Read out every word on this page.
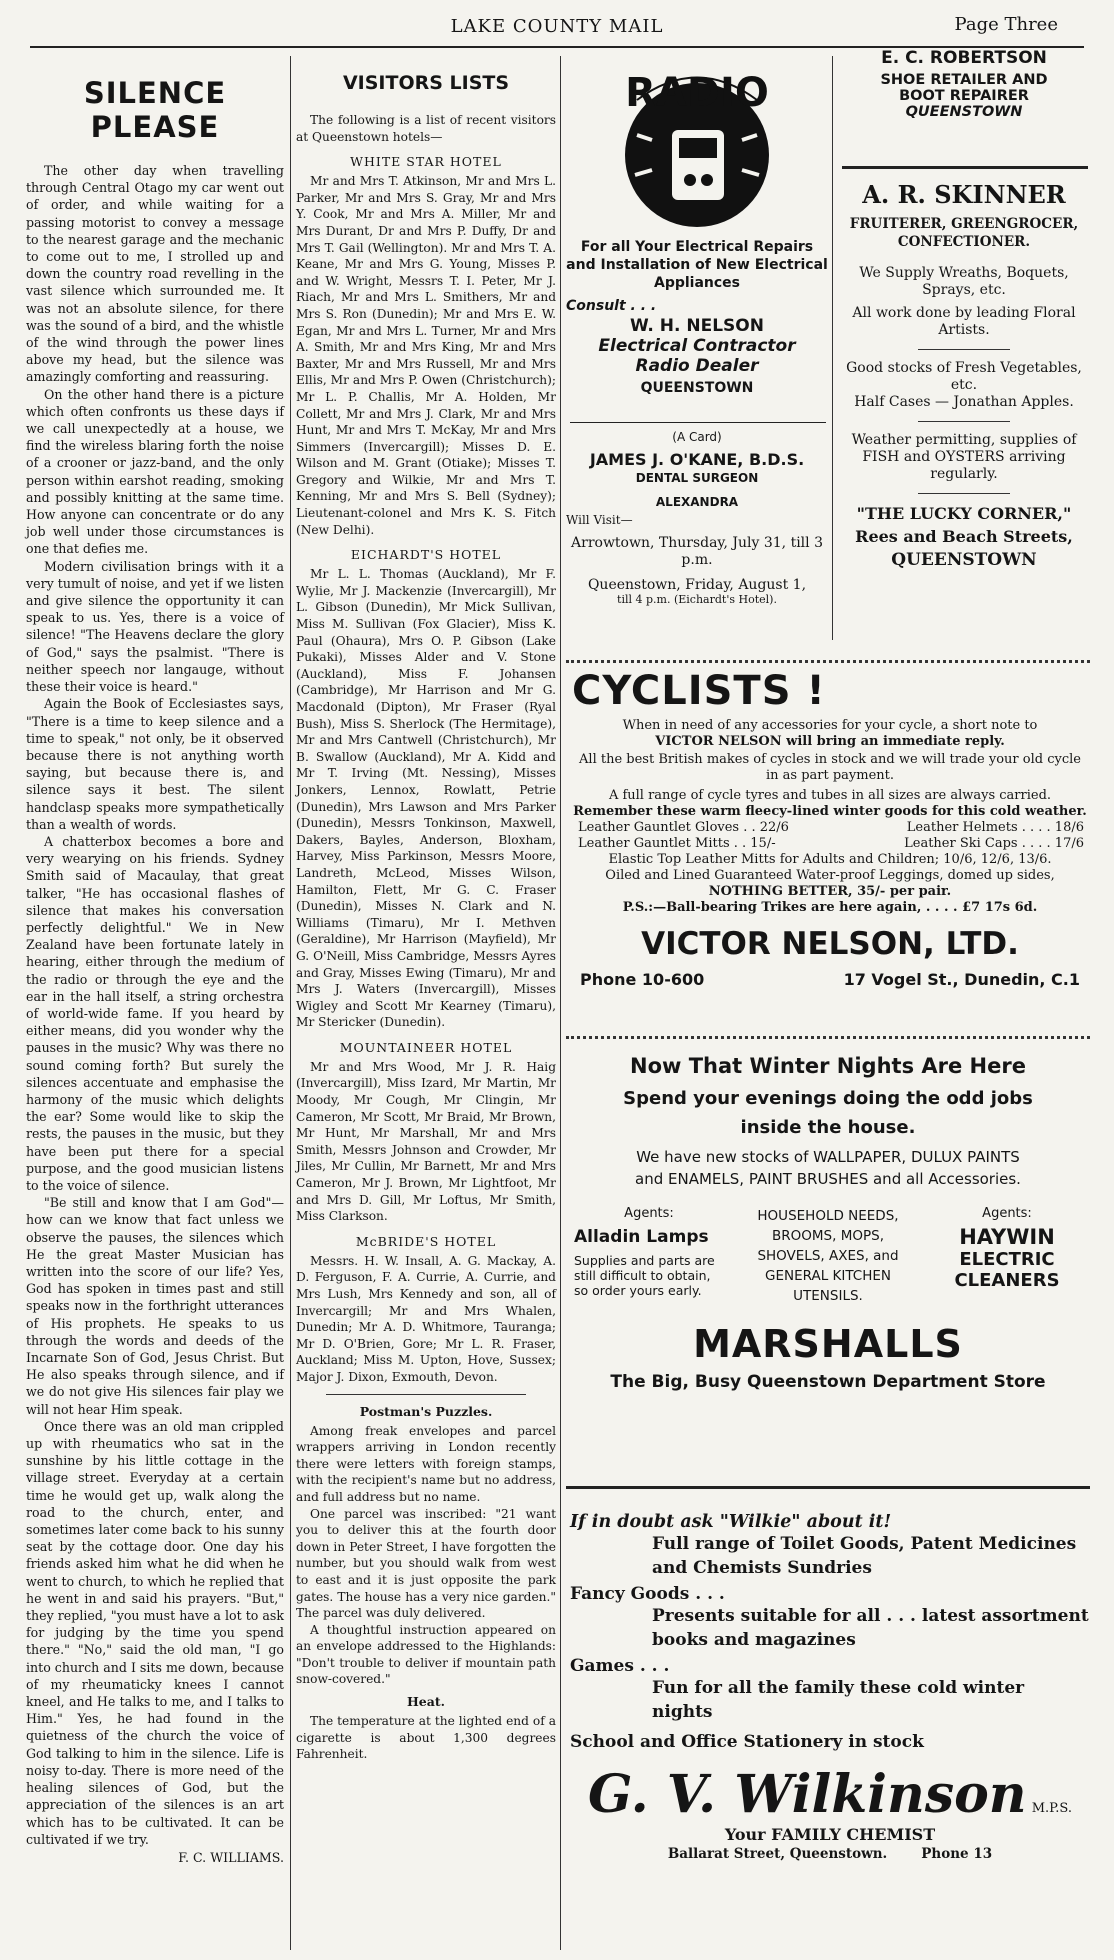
LAKE COUNTY MAIL	Page Three
SILENCE PLEASE

The other day when travelling through Central Otago my car went out of order, and while waiting for a passing motorist to convey a message to the nearest garage and the mechanic to come out to me, I strolled up and down the country road revelling in the vast silence which surrounded me. It was not an absolute silence, for there was the sound of a bird, and the whistle of the wind through the power lines above my head, but the silence was amazingly comforting and reassuring.

On the other hand there is a picture which often confronts us these days if we call unexpectedly at a house, we find the wireless blaring forth the noise of a crooner or jazz-band, and the only person within earshot reading, smoking and possibly knitting at the same time. How anyone can concentrate or do any job well under those circumstances is one that defies me.

Modern civilisation brings with it a very tumult of noise, and yet if we listen and give silence the opportunity it can speak to us. Yes, there is a voice of silence! "The Heavens declare the glory of God," says the psalmist. "There is neither speech nor langauge, without these their voice is heard."

Again the Book of Ecclesiastes says, "There is a time to keep silence and a time to speak," not only, be it observed because there is not anything worth saying, but because there is, and silence says it best. The silent handclasp speaks more sympathetically than a wealth of words.

A chatterbox becomes a bore and very wearying on his friends. Sydney Smith said of Macaulay, that great talker, "He has occasional flashes of silence that makes his conversation perfectly delightful." We in New Zealand have been fortunate lately in hearing, either through the medium of the radio or through the eye and the ear in the hall itself, a string orchestra of world-wide fame. If you heard by either means, did you wonder why the pauses in the music? Why was there no sound coming forth? But surely the silences accentuate and emphasise the harmony of the music which delights the ear? Some would like to skip the rests, the pauses in the music, but they have been put there for a special purpose, and the good musician listens to the voice of silence.

"Be still and know that I am God"—how can we know that fact unless we observe the pauses, the silences which He the great Master Musician has written into the score of our life? Yes, God has spoken in times past and still speaks now in the forthright utterances of His prophets. He speaks to us through the words and deeds of the Incarnate Son of God, Jesus Christ. But He also speaks through silence, and if we do not give His silences fair play we will not hear Him speak.

Once there was an old man crippled up with rheumatics who sat in the sunshine by his little cottage in the village street. Everyday at a certain time he would get up, walk along the road to the church, enter, and sometimes later come back to his sunny seat by the cottage door. One day his friends asked him what he did when he went to church, to which he replied that he went in and said his prayers. "But," they replied, "you must have a lot to ask for judging by the time you spend there." "No," said the old man, "I go into church and I sits me down, because of my rheumaticky knees I cannot kneel, and He talks to me, and I talks to Him." Yes, he had found in the quietness of the church the voice of God talking to him in the silence. Life is noisy to-day. There is more need of the healing silences of God, but the appreciation of the silences is an art which has to be cultivated. It can be cultivated if we try.

F. C. WILLIAMS.
VISITORS LISTS

The following is a list of recent visitors at Queenstown hotels—

WHITE STAR HOTEL

Mr and Mrs T. Atkinson, Mr and Mrs L. Parker, Mr and Mrs S. Gray, Mr and Mrs Y. Cook, Mr and Mrs A. Miller, Mr and Mrs Durant, Dr and Mrs P. Duffy, Dr and Mrs T. Gail (Wellington). Mr and Mrs T. A. Keane, Mr and Mrs G. Young, Misses P. and W. Wright, Messrs T. I. Peter, Mr J. Riach, Mr and Mrs L. Smithers, Mr and Mrs S. Ron (Dunedin); Mr and Mrs E. W. Egan, Mr and Mrs L. Turner, Mr and Mrs A. Smith, Mr and Mrs King, Mr and Mrs Baxter, Mr and Mrs Russell, Mr and Mrs Ellis, Mr and Mrs P. Owen (Christchurch); Mr L. P. Challis, Mr A. Holden, Mr Collett, Mr and Mrs J. Clark, Mr and Mrs Hunt, Mr and Mrs T. McKay, Mr and Mrs Simmers (Invercargill); Misses D. E. Wilson and M. Grant (Otiake); Misses T. Gregory and Wilkie, Mr and Mrs T. Kenning, Mr and Mrs S. Bell (Sydney); Lieutenant-colonel and Mrs K. S. Fitch (New Delhi).

EICHARDT'S HOTEL

Mr L. L. Thomas (Auckland), Mr F. Wylie, Mr J. Mackenzie (Invercargill), Mr L. Gibson (Dunedin), Mr Mick Sullivan, Miss M. Sullivan (Fox Glacier), Miss K. Paul (Ohaura), Mrs O. P. Gibson (Lake Pukaki), Misses Alder and V. Stone (Auckland), Miss F. Johansen (Cambridge), Mr Harrison and Mr G. Macdonald (Dipton), Mr Fraser (Ryal Bush), Miss S. Sherlock (The Hermitage), Mr and Mrs Cantwell (Christchurch), Mr B. Swallow (Auckland), Mr A. Kidd and Mr T. Irving (Mt. Nessing), Misses Jonkers, Lennox, Rowlatt, Petrie (Dunedin), Mrs Lawson and Mrs Parker (Dunedin), Messrs Tonkinson, Maxwell, Dakers, Bayles, Anderson, Bloxham, Harvey, Miss Parkinson, Messrs Moore, Landreth, McLeod, Misses Wilson, Hamilton, Flett, Mr G. C. Fraser (Dunedin), Misses N. Clark and N. Williams (Timaru), Mr I. Methven (Geraldine), Mr Harrison (Mayfield), Mr G. O'Neill, Miss Cambridge, Messrs Ayres and Gray, Misses Ewing (Timaru), Mr and Mrs J. Waters (Invercargill), Misses Wigley and Scott Mr Kearney (Timaru), Mr Stericker (Dunedin).

MOUNTAINEER HOTEL

Mr and Mrs Wood, Mr J. R. Haig (Invercargill), Miss Izard, Mr Martin, Mr Moody, Mr Cough, Mr Clingin, Mr Cameron, Mr Scott, Mr Braid, Mr Brown, Mr Hunt, Mr Marshall, Mr and Mrs Smith, Messrs Johnson and Crowder, Mr Jiles, Mr Cullin, Mr Barnett, Mr and Mrs Cameron, Mr J. Brown, Mr Lightfoot, Mr and Mrs D. Gill, Mr Loftus, Mr Smith, Miss Clarkson.

McBRIDE'S HOTEL

Messrs. H. W. Insall, A. G. Mackay, A. D. Ferguson, F. A. Currie, A. Currie, and Mrs Lush, Mrs Kennedy and son, all of Invercargill; Mr and Mrs Whalen, Dunedin; Mr A. D. Whitmore, Tauranga; Mr D. O'Brien, Gore; Mr L. R. Fraser, Auckland; Miss M. Upton, Hove, Sussex; Major J. Dixon, Exmouth, Devon.

Postman's Puzzles.

Among freak envelopes and parcel wrappers arriving in London recently there were letters with foreign stamps, with the recipient's name but no address, and full address but no name.

One parcel was inscribed: "21 want you to deliver this at the fourth door down in Peter Street, I have forgotten the number, but you should walk from west to east and it is just opposite the park gates. The house has a very nice garden." The parcel was duly delivered.

A thoughtful instruction appeared on an envelope addressed to the Highlands: "Don't trouble to deliver if mountain path snow-covered."

Heat.

The temperature at the lighted end of a cigarette is about 1,300 degrees Fahrenheit.

RADIO
For all Your Electrical Repairs and Installation of New Electrical Appliances
Consult . . .
W. H. NELSON
Electrical Contractor
Radio Dealer
QUEENSTOWN
(A Card)
JAMES J. O'KANE, B.D.S.
DENTAL SURGEON
ALEXANDRA
Will Visit—
Arrowtown, Thursday, July 31, till 3 p.m.
Queenstown, Friday, August 1,
till 4 p.m. (Eichardt's Hotel).
E. C. ROBERTSON
SHOE RETAILER AND
BOOT REPAIRER
QUEENSTOWN
A. R. SKINNER
FRUITERER, GREENGROCER, CONFECTIONER.
We Supply Wreaths, Boquets, Sprays, etc.
All work done by leading Floral Artists.
Good stocks of Fresh Vegetables, etc.
Half Cases — Jonathan Apples.
Weather permitting, supplies of FISH and OYSTERS arriving regularly.
"THE LUCKY CORNER,"
Rees and Beach Streets,
QUEENSTOWN
CYCLISTS !
When in need of any accessories for your cycle, a short note to
VICTOR NELSON will bring an immediate reply.
All the best British makes of cycles in stock and we will trade your old cycle in as part payment.
A full range of cycle tyres and tubes in all sizes are always carried.
Remember these warm fleecy-lined winter goods for this cold weather.
Leather Gauntlet Gloves . . 22/6	Leather Helmets . . . . 18/6
Leather Gauntlet Mitts . . 15/-	Leather Ski Caps . . . . 17/6
Elastic Top Leather Mitts for Adults and Children; 10/6, 12/6, 13/6.
Oiled and Lined Guaranteed Water-proof Leggings, domed up sides,
NOTHING BETTER, 35/- per pair.
P.S.:—Ball-bearing Trikes are here again, . . . . £7 17s 6d.
VICTOR NELSON, LTD.
Phone 10-600	17 Vogel St., Dunedin, C.1
Now That Winter Nights Are Here
Spend your evenings doing the odd jobs
inside the house.
We have new stocks of WALLPAPER, DULUX PAINTS
and ENAMELS, PAINT BRUSHES and all Accessories.
Agents:
Alladin Lamps
Supplies and parts are still difficult to obtain, so order yours early.
HOUSEHOLD NEEDS, BROOMS, MOPS, SHOVELS, AXES, and GENERAL KITCHEN UTENSILS.
Agents:
HAYWIN
ELECTRIC
CLEANERS
MARSHALLS
The Big, Busy Queenstown Department Store
If in doubt ask "Wilkie" about it!
Full range of Toilet Goods, Patent Medicines and Chemists Sundries
Fancy Goods . . .
Presents suitable for all . . . latest assortment books and magazines
Games . . .
Fun for all the family these cold winter nights
School and Office Stationery in stock
G. V. Wilkinson M.P.S.
Your FAMILY CHEMIST
Ballarat Street, Queenstown.	Phone 13
